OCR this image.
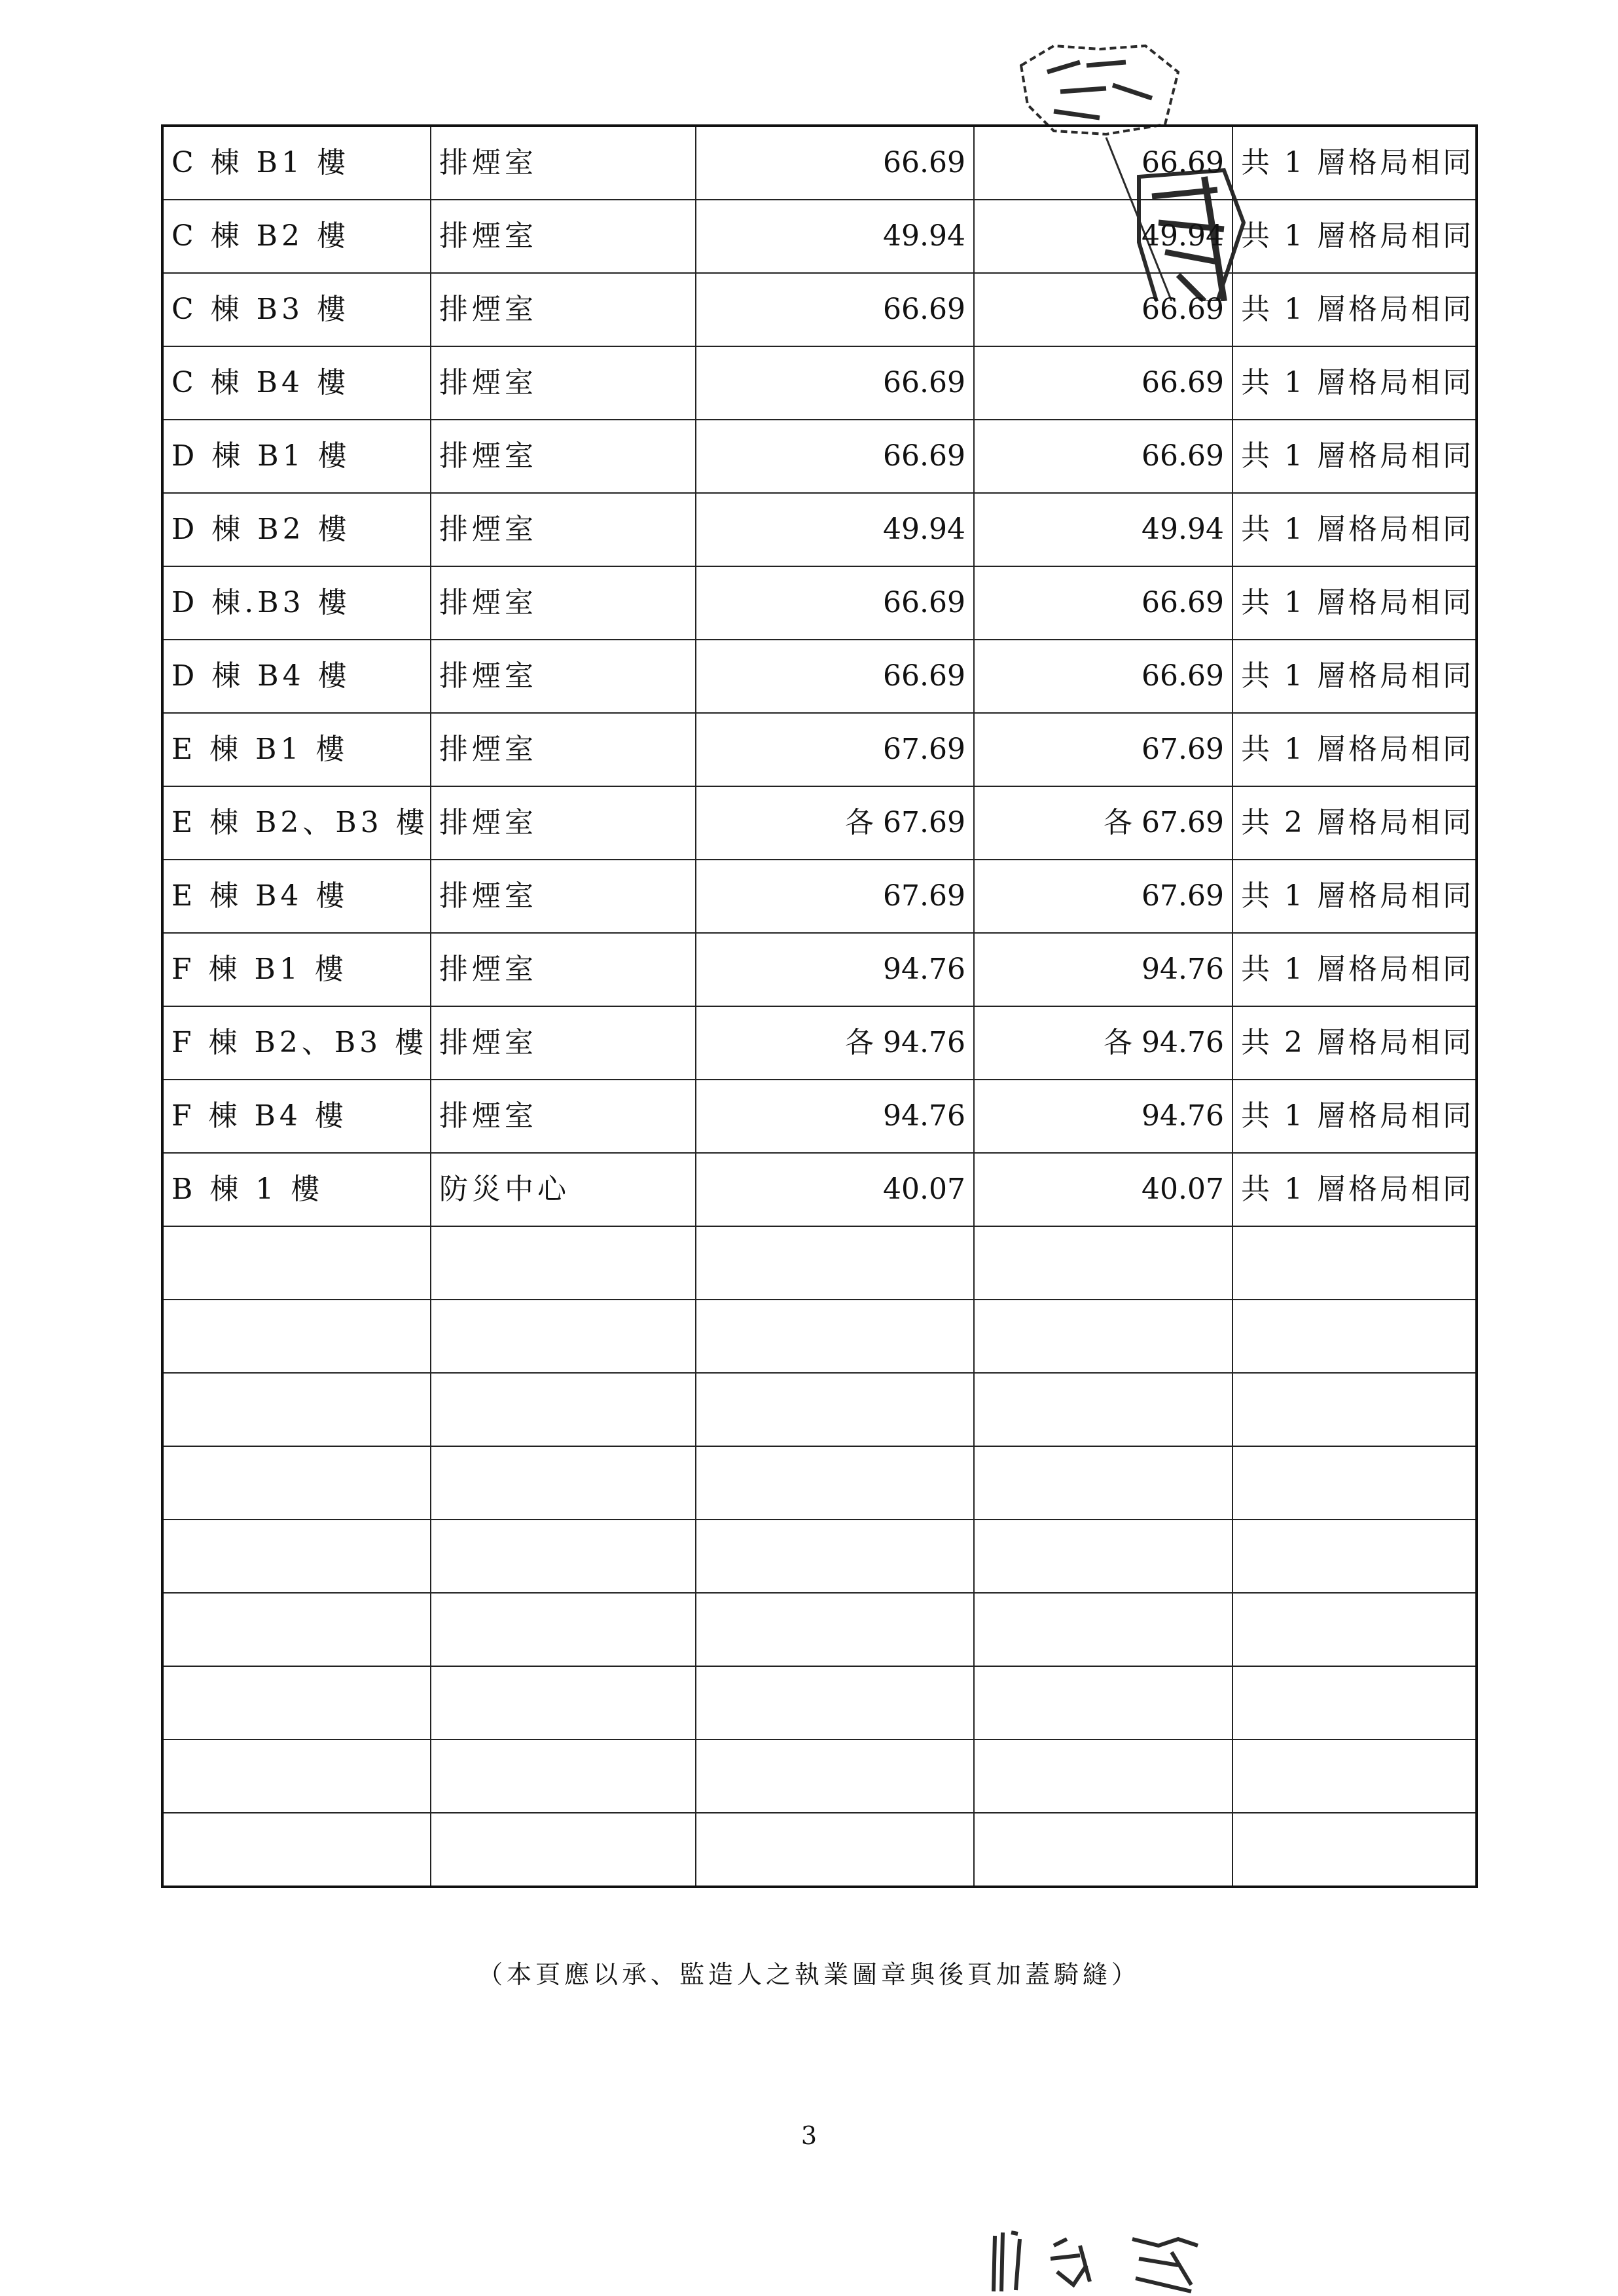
C 棟 B1 樓	排煙室	66.69	66.69	共 1 層格局相同
C 棟 B2 樓	排煙室	49.94	49.94	共 1 層格局相同
C 棟 B3 樓	排煙室	66.69	66.69	共 1 層格局相同
C 棟 B4 樓	排煙室	66.69	66.69	共 1 層格局相同
D 棟 B1 樓	排煙室	66.69	66.69	共 1 層格局相同
D 棟 B2 樓	排煙室	49.94	49.94	共 1 層格局相同
D 棟.B3 樓	排煙室	66.69	66.69	共 1 層格局相同
D 棟 B4 樓	排煙室	66.69	66.69	共 1 層格局相同
E 棟 B1 樓	排煙室	67.69	67.69	共 1 層格局相同
E 棟 B2、B3 樓	排煙室	各 67.69	各 67.69	共 2 層格局相同
E 棟 B4 樓	排煙室	67.69	67.69	共 1 層格局相同
F 棟 B1 樓	排煙室	94.76	94.76	共 1 層格局相同
F 棟 B2、B3 樓	排煙室	各 94.76	各 94.76	共 2 層格局相同
F 棟 B4 樓	排煙室	94.76	94.76	共 1 層格局相同
B 棟 1 樓	防災中心	40.07	40.07	共 1 層格局相同

（本頁應以承、監造人之執業圖章與後頁加蓋騎縫）
3
